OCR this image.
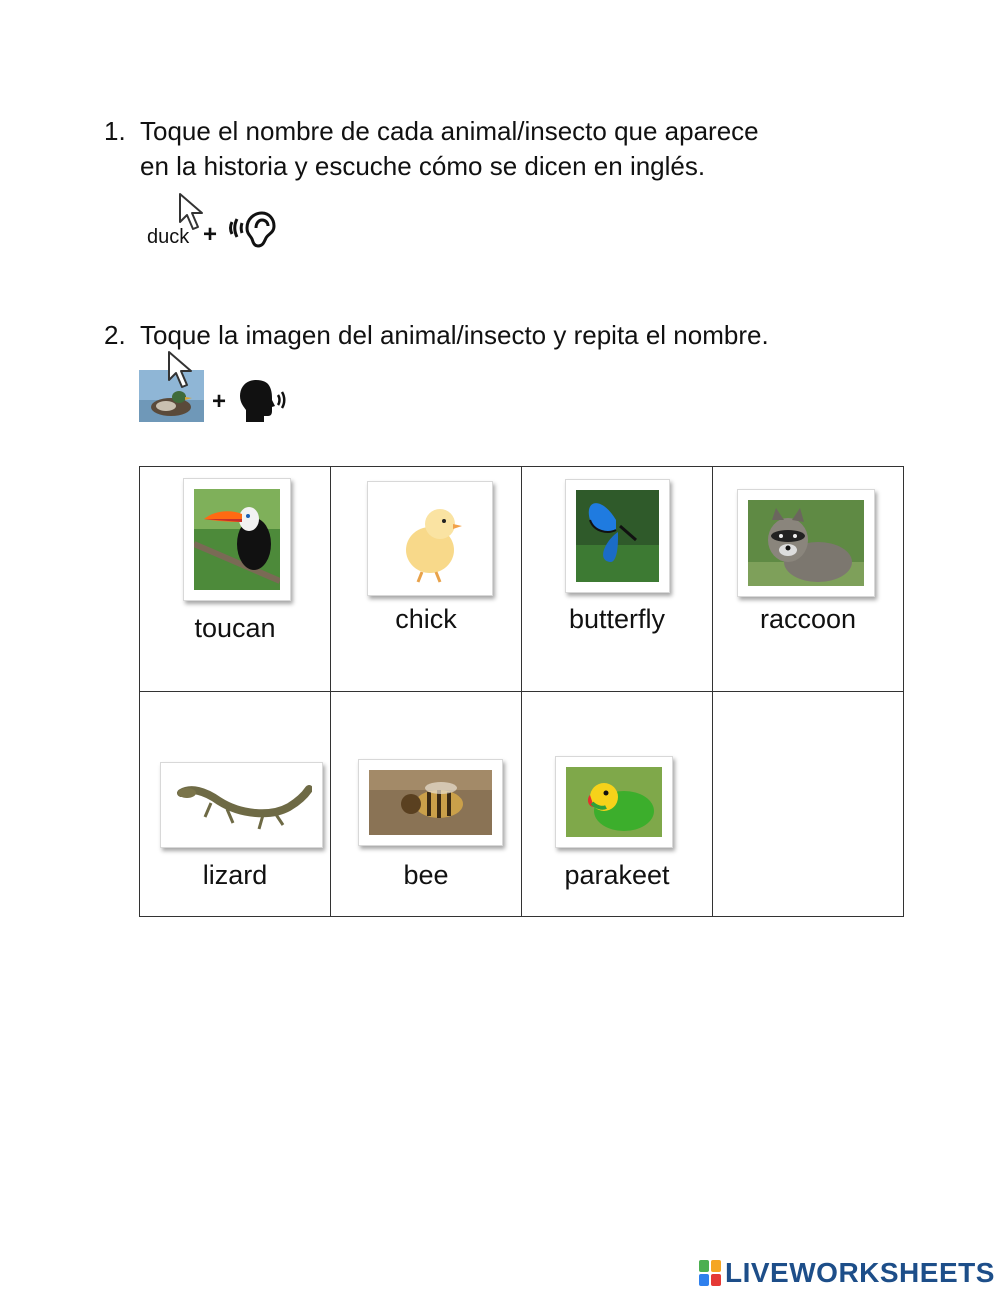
1. Toque el nombre de cada animal/insecto que aparece
en la historia y escuche cómo se dicen en inglés.
duck +
2. Toque la imagen del animal/insecto y repita el nombre.
+
toucan	chick	butterfly	raccoon

lizard	bee	parakeet	

LIVEWORKSHEETS
